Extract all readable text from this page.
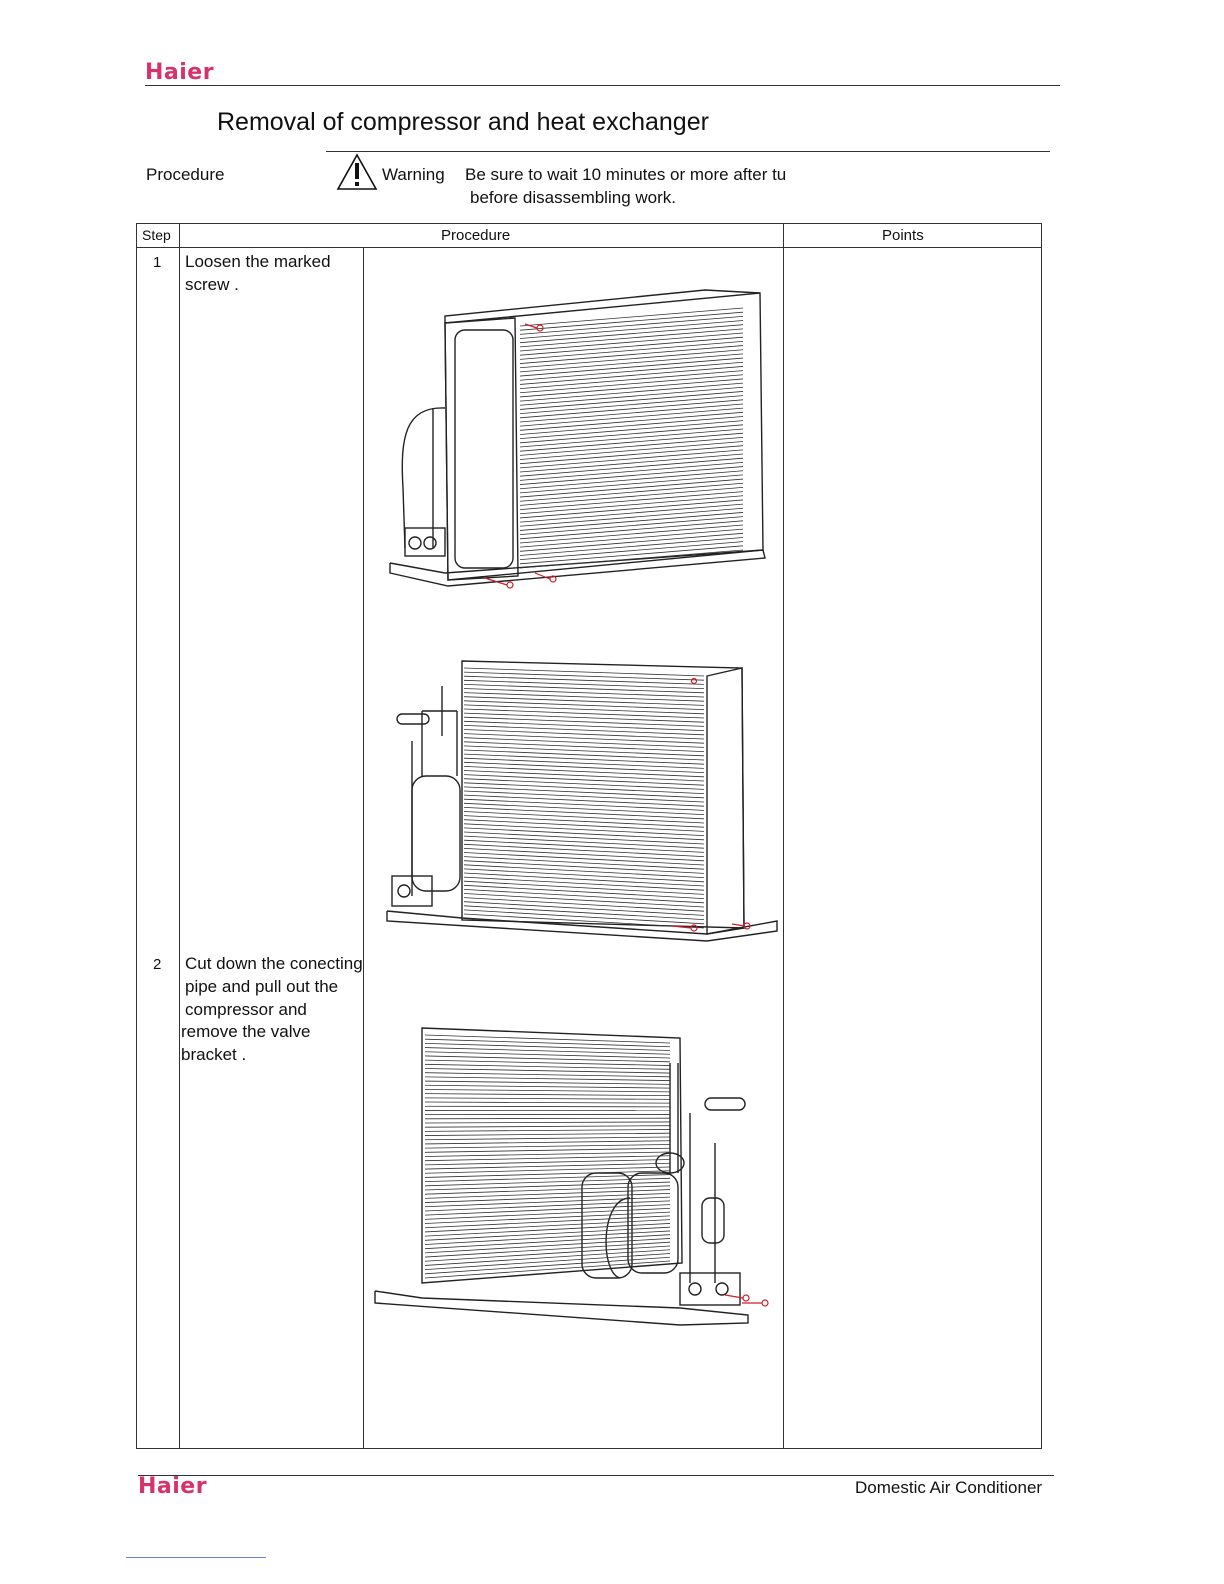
Haier
Removal of compressor and heat exchanger
Procedure	Warning Be sure to wait 10 minutes or more after tu
before disassembling work.
Step	Procedure	Points
1 Loosen the marked
screw .
2 Cut down the conecting
pipe and pull out the
compressor and
remove the valve
bracket .
Haier	Domestic Air Conditioner
